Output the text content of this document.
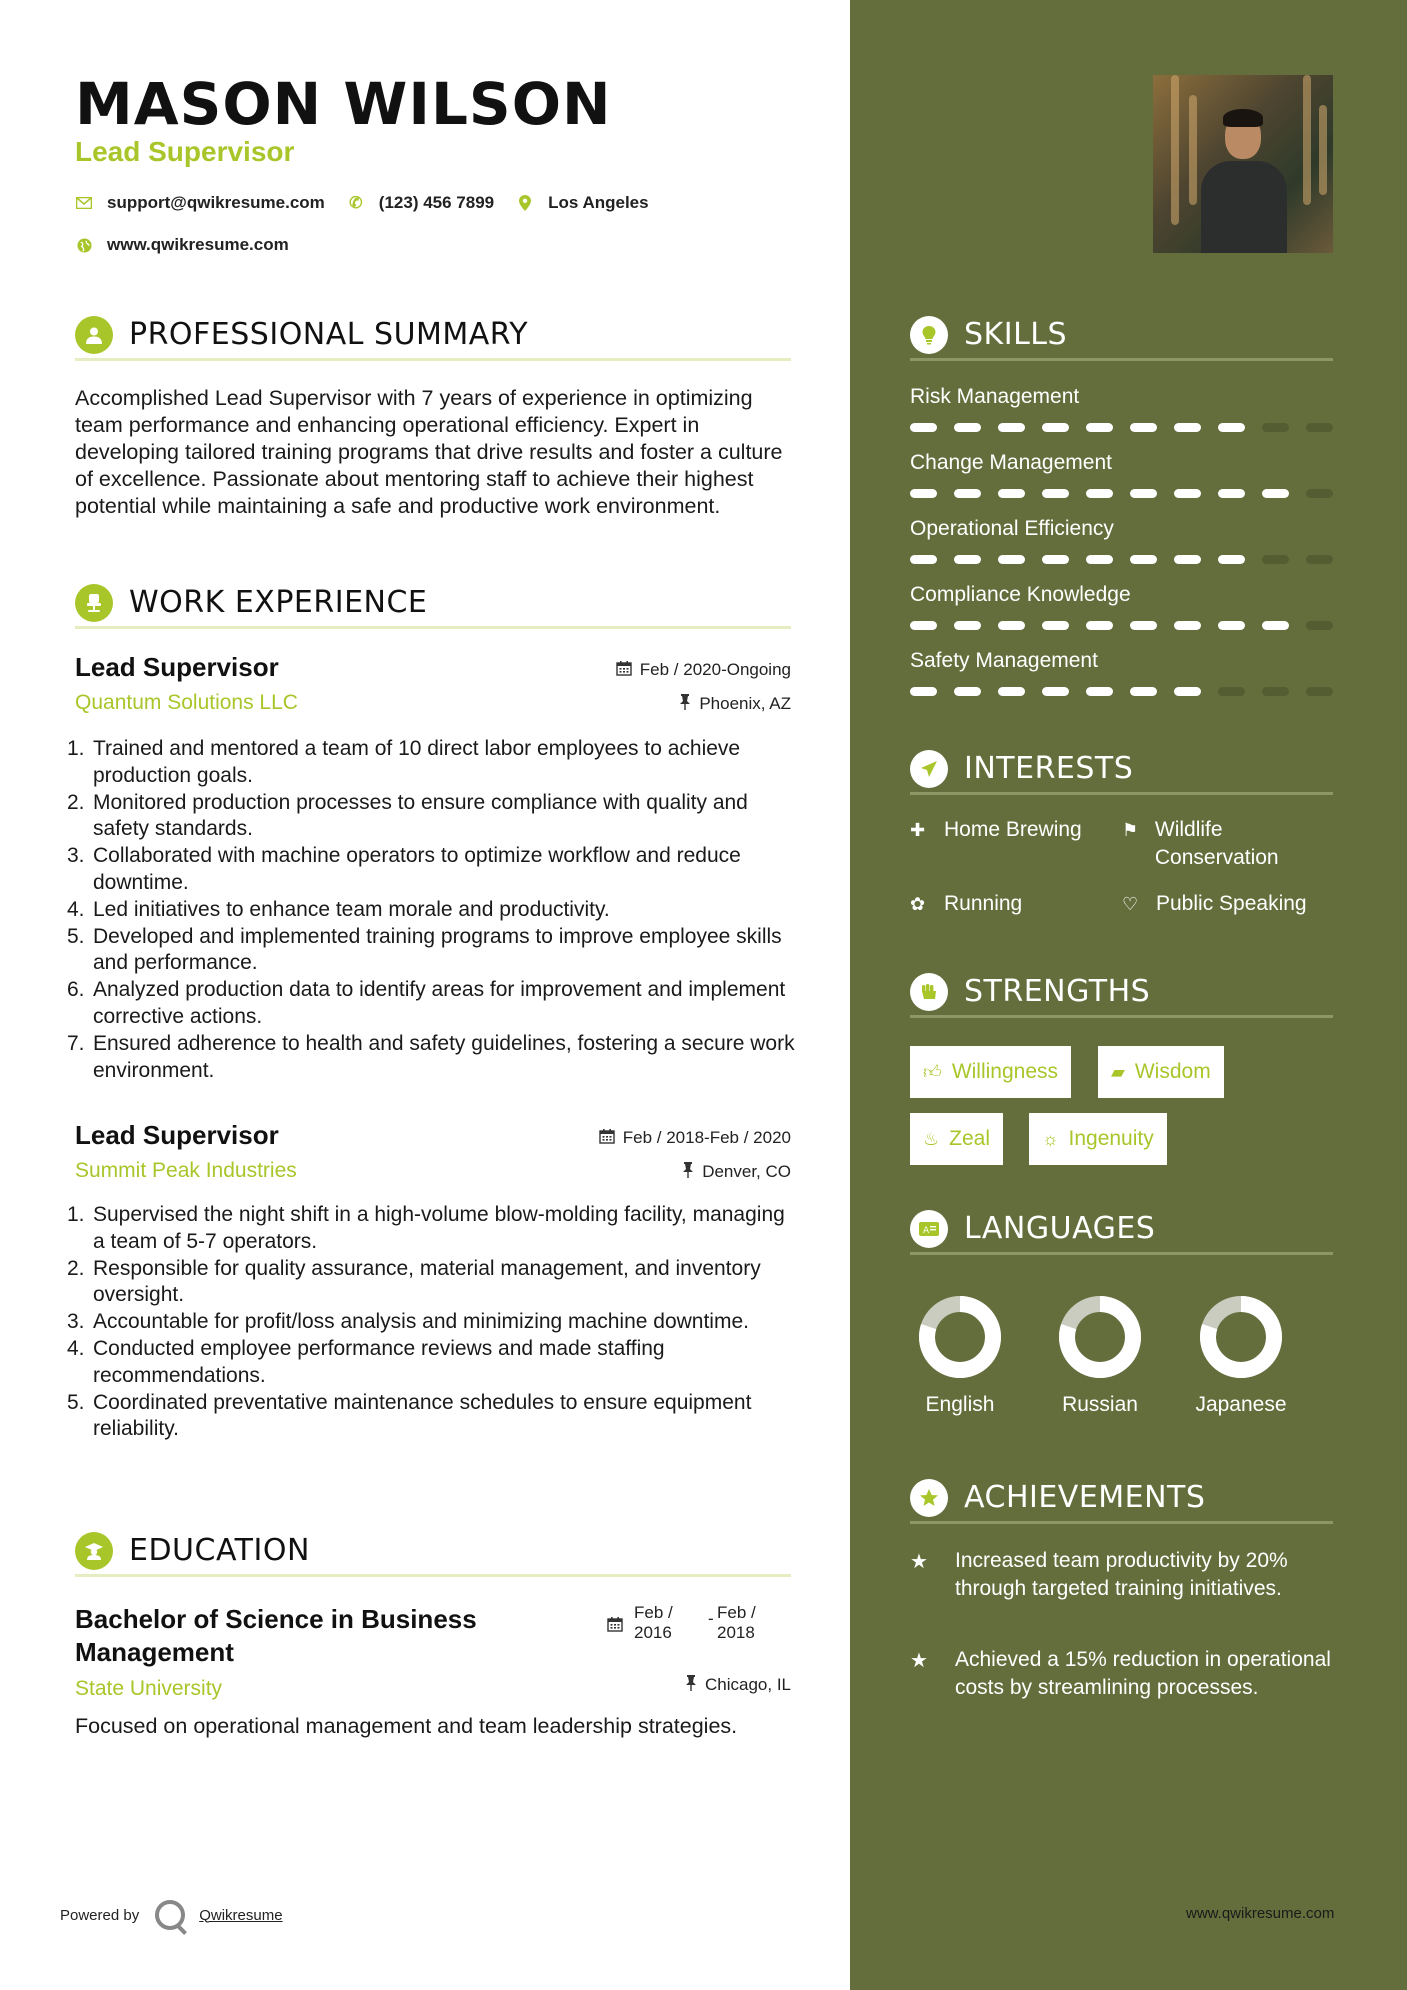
MASON WILSON
Lead Supervisor
support@qwikresume.com ✆ (123) 456 7899	Los Angeles
www.qwikresume.com
PROFESSIONAL SUMMARY
Accomplished Lead Supervisor with 7 years of experience in optimizing team performance and enhancing operational efficiency. Expert in developing tailored training programs that drive results and foster a culture of excellence. Passionate about mentoring staff to achieve their highest potential while maintaining a safe and productive work environment.
WORK EXPERIENCE
Lead Supervisor
Quantum Solutions LLC
Feb / 2020-Ongoing
Phoenix, AZ
1. Trained and mentored a team of 10 direct labor employees to achieve production goals.
2. Monitored production processes to ensure compliance with quality and safety standards.
3. Collaborated with machine operators to optimize workflow and reduce downtime.
4. Led initiatives to enhance team morale and productivity.
5. Developed and implemented training programs to improve employee skills and performance.
6. Analyzed production data to identify areas for improvement and implement corrective actions.
7. Ensured adherence to health and safety guidelines, fostering a secure work environment.
Lead Supervisor
Summit Peak Industries
Feb / 2018-Feb / 2020
Denver, CO
1. Supervised the night shift in a high-volume blow-molding facility, managing a team of 5-7 operators.
2. Responsible for quality assurance, material management, and inventory oversight.
3. Accountable for profit/loss analysis and minimizing machine downtime.
4. Conducted employee performance reviews and made staffing recommendations.
5. Coordinated preventative maintenance schedules to ensure equipment reliability.
EDUCATION
Bachelor of Science in Business Management
State University	Chicago, IL
Feb / 2016
- Feb / 2018
Focused on operational management and team leadership strategies.
Powered by	Qwikresume
SKILLS
INTERESTS
✚ Home Brewing ⚑ Wildlife Conservation
✿ Running	♡ Public Speaking
STRENGTHS
👍︎ Willingness	▰ Wisdom
♨ Zeal	☼ Ingenuity
A LANGUAGES
ACHIEVEMENTS
★	Increased team productivity by 20% through targeted training initiatives.
★	Achieved a 15% reduction in operational costs by streamlining processes.
www.qwikresume.com
Risk Management
Change Management
Operational Efficiency
Compliance Knowledge
Safety Management
English	Russian	Japanese
